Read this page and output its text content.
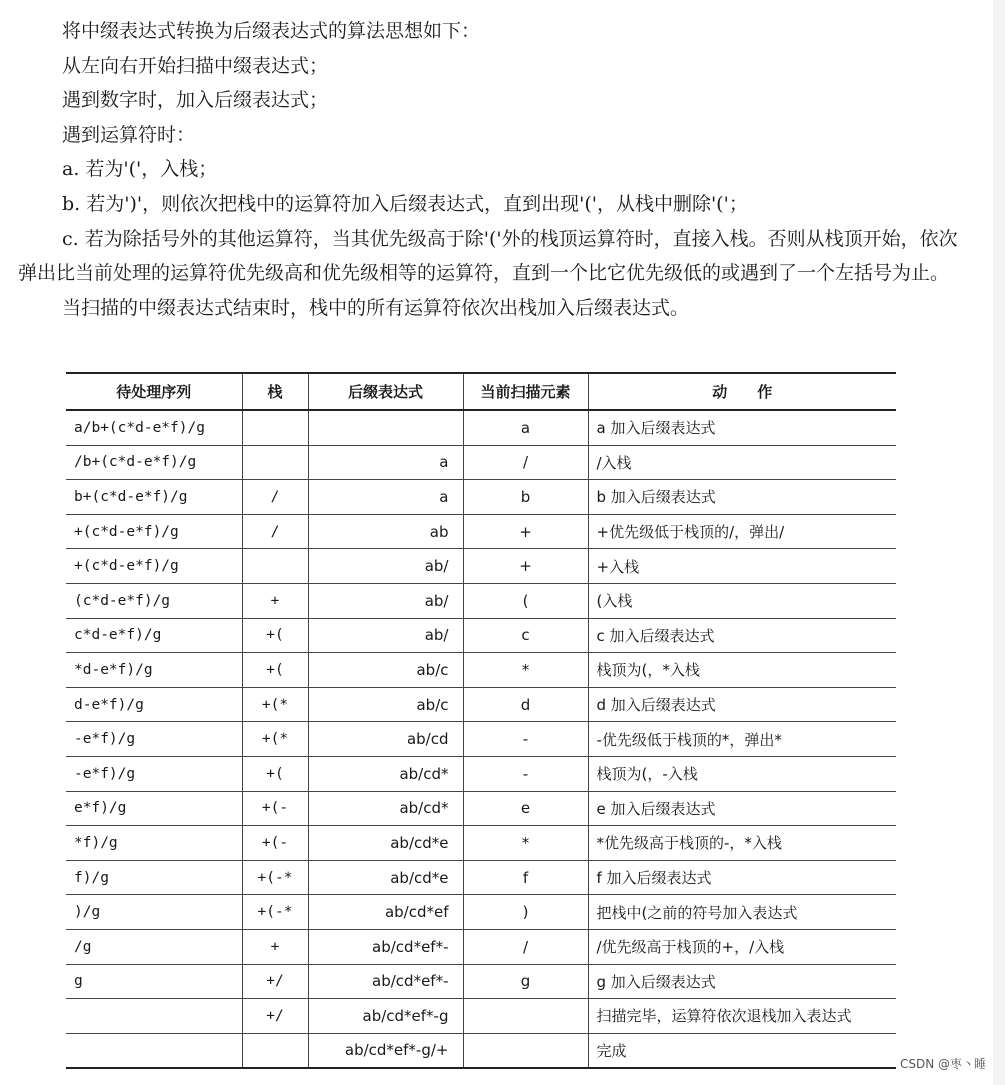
将中缀表达式转换为后缀表达式的算法思想如下：

从左向右开始扫描中缀表达式；

遇到数字时，加入后缀表达式；

遇到运算符时：

a. 若为'('，入栈；

b. 若为')'，则依次把栈中的运算符加入后缀表达式，直到出现'('，从栈中删除'('；

c. 若为除括号外的其他运算符，当其优先级高于除'('外的栈顶运算符时，直接入栈。否则从栈顶开始，依次弹出比当前处理的运算符优先级高和优先级相等的运算符，直到一个比它优先级低的或遇到了一个左括号为止。

当扫描的中缀表达式结束时，栈中的所有运算符依次出栈加入后缀表达式。

待处理序列	栈	后缀表达式	当前扫描元素	动　　作
a/b+(c*d-e*f)/g			a	a 加入后缀表达式
/b+(c*d-e*f)/g		a	/	/入栈
b+(c*d-e*f)/g	/	a	b	b 加入后缀表达式
+(c*d-e*f)/g	/	ab	+	+优先级低于栈顶的/，弹出/
+(c*d-e*f)/g		ab/	+	+入栈
(c*d-e*f)/g	+	ab/	(	(入栈
c*d-e*f)/g	+(	ab/	c	c 加入后缀表达式
*d-e*f)/g	+(	ab/c	*	栈顶为(，*入栈
d-e*f)/g	+(*	ab/c	d	d 加入后缀表达式
-e*f)/g	+(*	ab/cd	-	-优先级低于栈顶的*，弹出*
-e*f)/g	+(	ab/cd*	-	栈顶为(，-入栈
e*f)/g	+(-	ab/cd*	e	e 加入后缀表达式
*f)/g	+(-	ab/cd*e	*	*优先级高于栈顶的-，*入栈
f)/g	+(-*	ab/cd*e	f	f 加入后缀表达式
)/g	+(-*	ab/cd*ef	)	把栈中(之前的符号加入表达式
/g	+	ab/cd*ef*-	/	/优先级高于栈顶的+，/入栈
g	+/	ab/cd*ef*-	g	g 加入后缀表达式
	+/	ab/cd*ef*-g		扫描完毕，运算符依次退栈加入表达式
		ab/cd*ef*-g/+		完成
CSDN @枣丶睡
